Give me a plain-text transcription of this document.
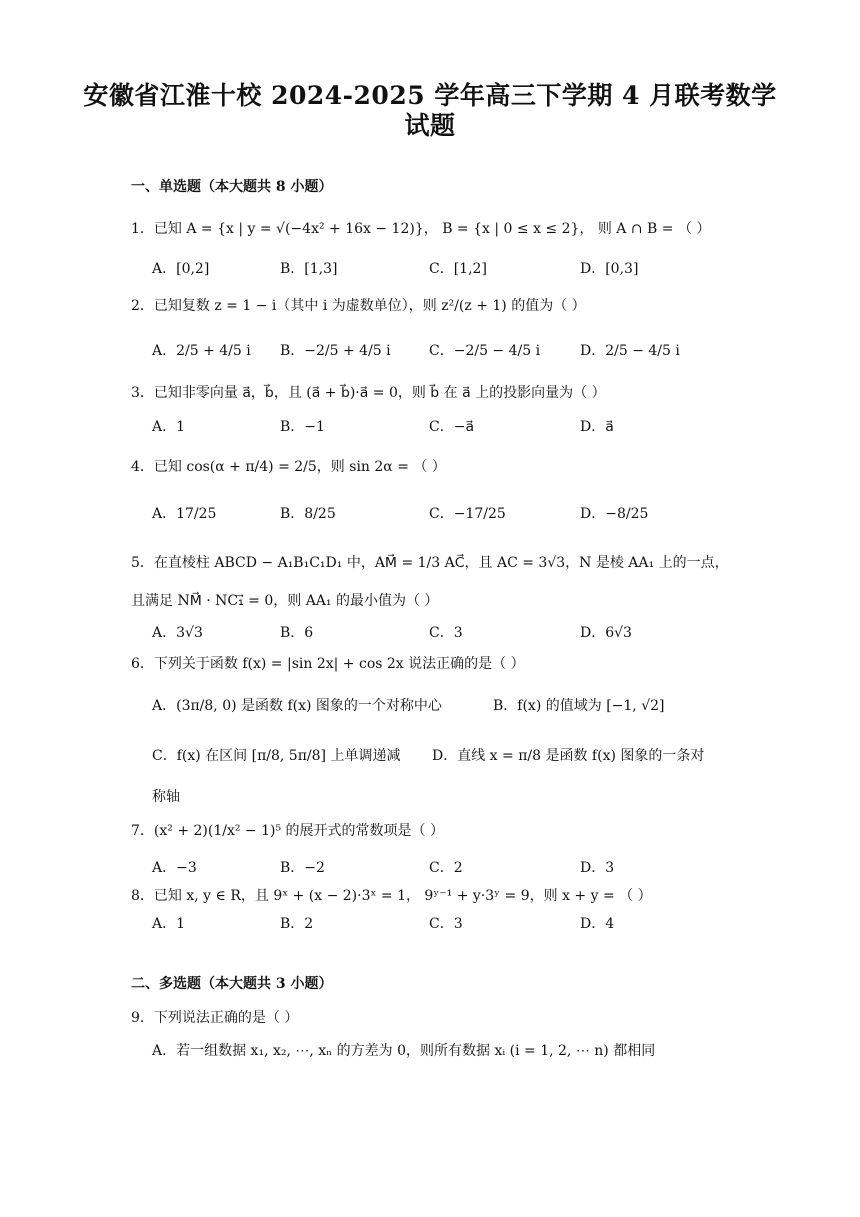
安徽省江淮十校 2024-2025 学年高三下学期 4 月联考数学
试题
一、单选题（本大题共 8 小题）
1．已知 A = {x | y = √(−4x² + 16x − 12)}， B = {x | 0 ≤ x ≤ 2}， 则 A ∩ B = （ ）
A．[0,2]	B．[1,3]	C．[1,2]	D．[0,3]
2．已知复数 z = 1 − i（其中 i 为虚数单位），则 z²/(z + 1) 的值为（ ）
A．2/5 + 4/5 i B．−2/5 + 4/5 i	C．−2/5 − 4/5 i	D．2/5 − 4/5 i
3．已知非零向量 a⃗，b⃗，且 (a⃗ + b⃗)·a⃗ = 0，则 b⃗ 在 a⃗ 上的投影向量为（ ）
A．1	B．−1	C．−a⃗	D．a⃗
4．已知 cos(α + π/4) = 2/5，则 sin 2α = （ ）
A．17/25	B．8/25	C．−17/25	D．−8/25
5．在直棱柱 ABCD − A₁B₁C₁D₁ 中，AM⃗ = 1/3 AC⃗，且 AC = 3√3，N 是棱 AA₁ 上的一点，
且满足 NM⃗ · NC₁⃗ = 0，则 AA₁ 的最小值为（ ）
A．3√3	B．6	C．3	D．6√3
6．下列关于函数 f(x) = |sin 2x| + cos 2x 说法正确的是（ ）
A．(3π/8, 0) 是函数 f(x) 图象的一个对称中心	B．f(x) 的值域为 [−1, √2]
C．f(x) 在区间 [π/8, 5π/8] 上单调递减 D．直线 x = π/8 是函数 f(x) 图象的一条对
称轴
7．(x² + 2)(1/x² − 1)⁵ 的展开式的常数项是（ ）
A．−3	B．−2	C．2	D．3
8．已知 x, y ∈ R，且 9ˣ + (x − 2)·3ˣ = 1， 9ʸ⁻¹ + y·3ʸ = 9，则 x + y = （ ）
A．1	B．2	C．3	D．4
二、多选题（本大题共 3 小题）
9．下列说法正确的是（ ）
A．若一组数据 x₁, x₂, ⋯, xₙ 的方差为 0，则所有数据 xᵢ (i = 1, 2, ⋯ n) 都相同
